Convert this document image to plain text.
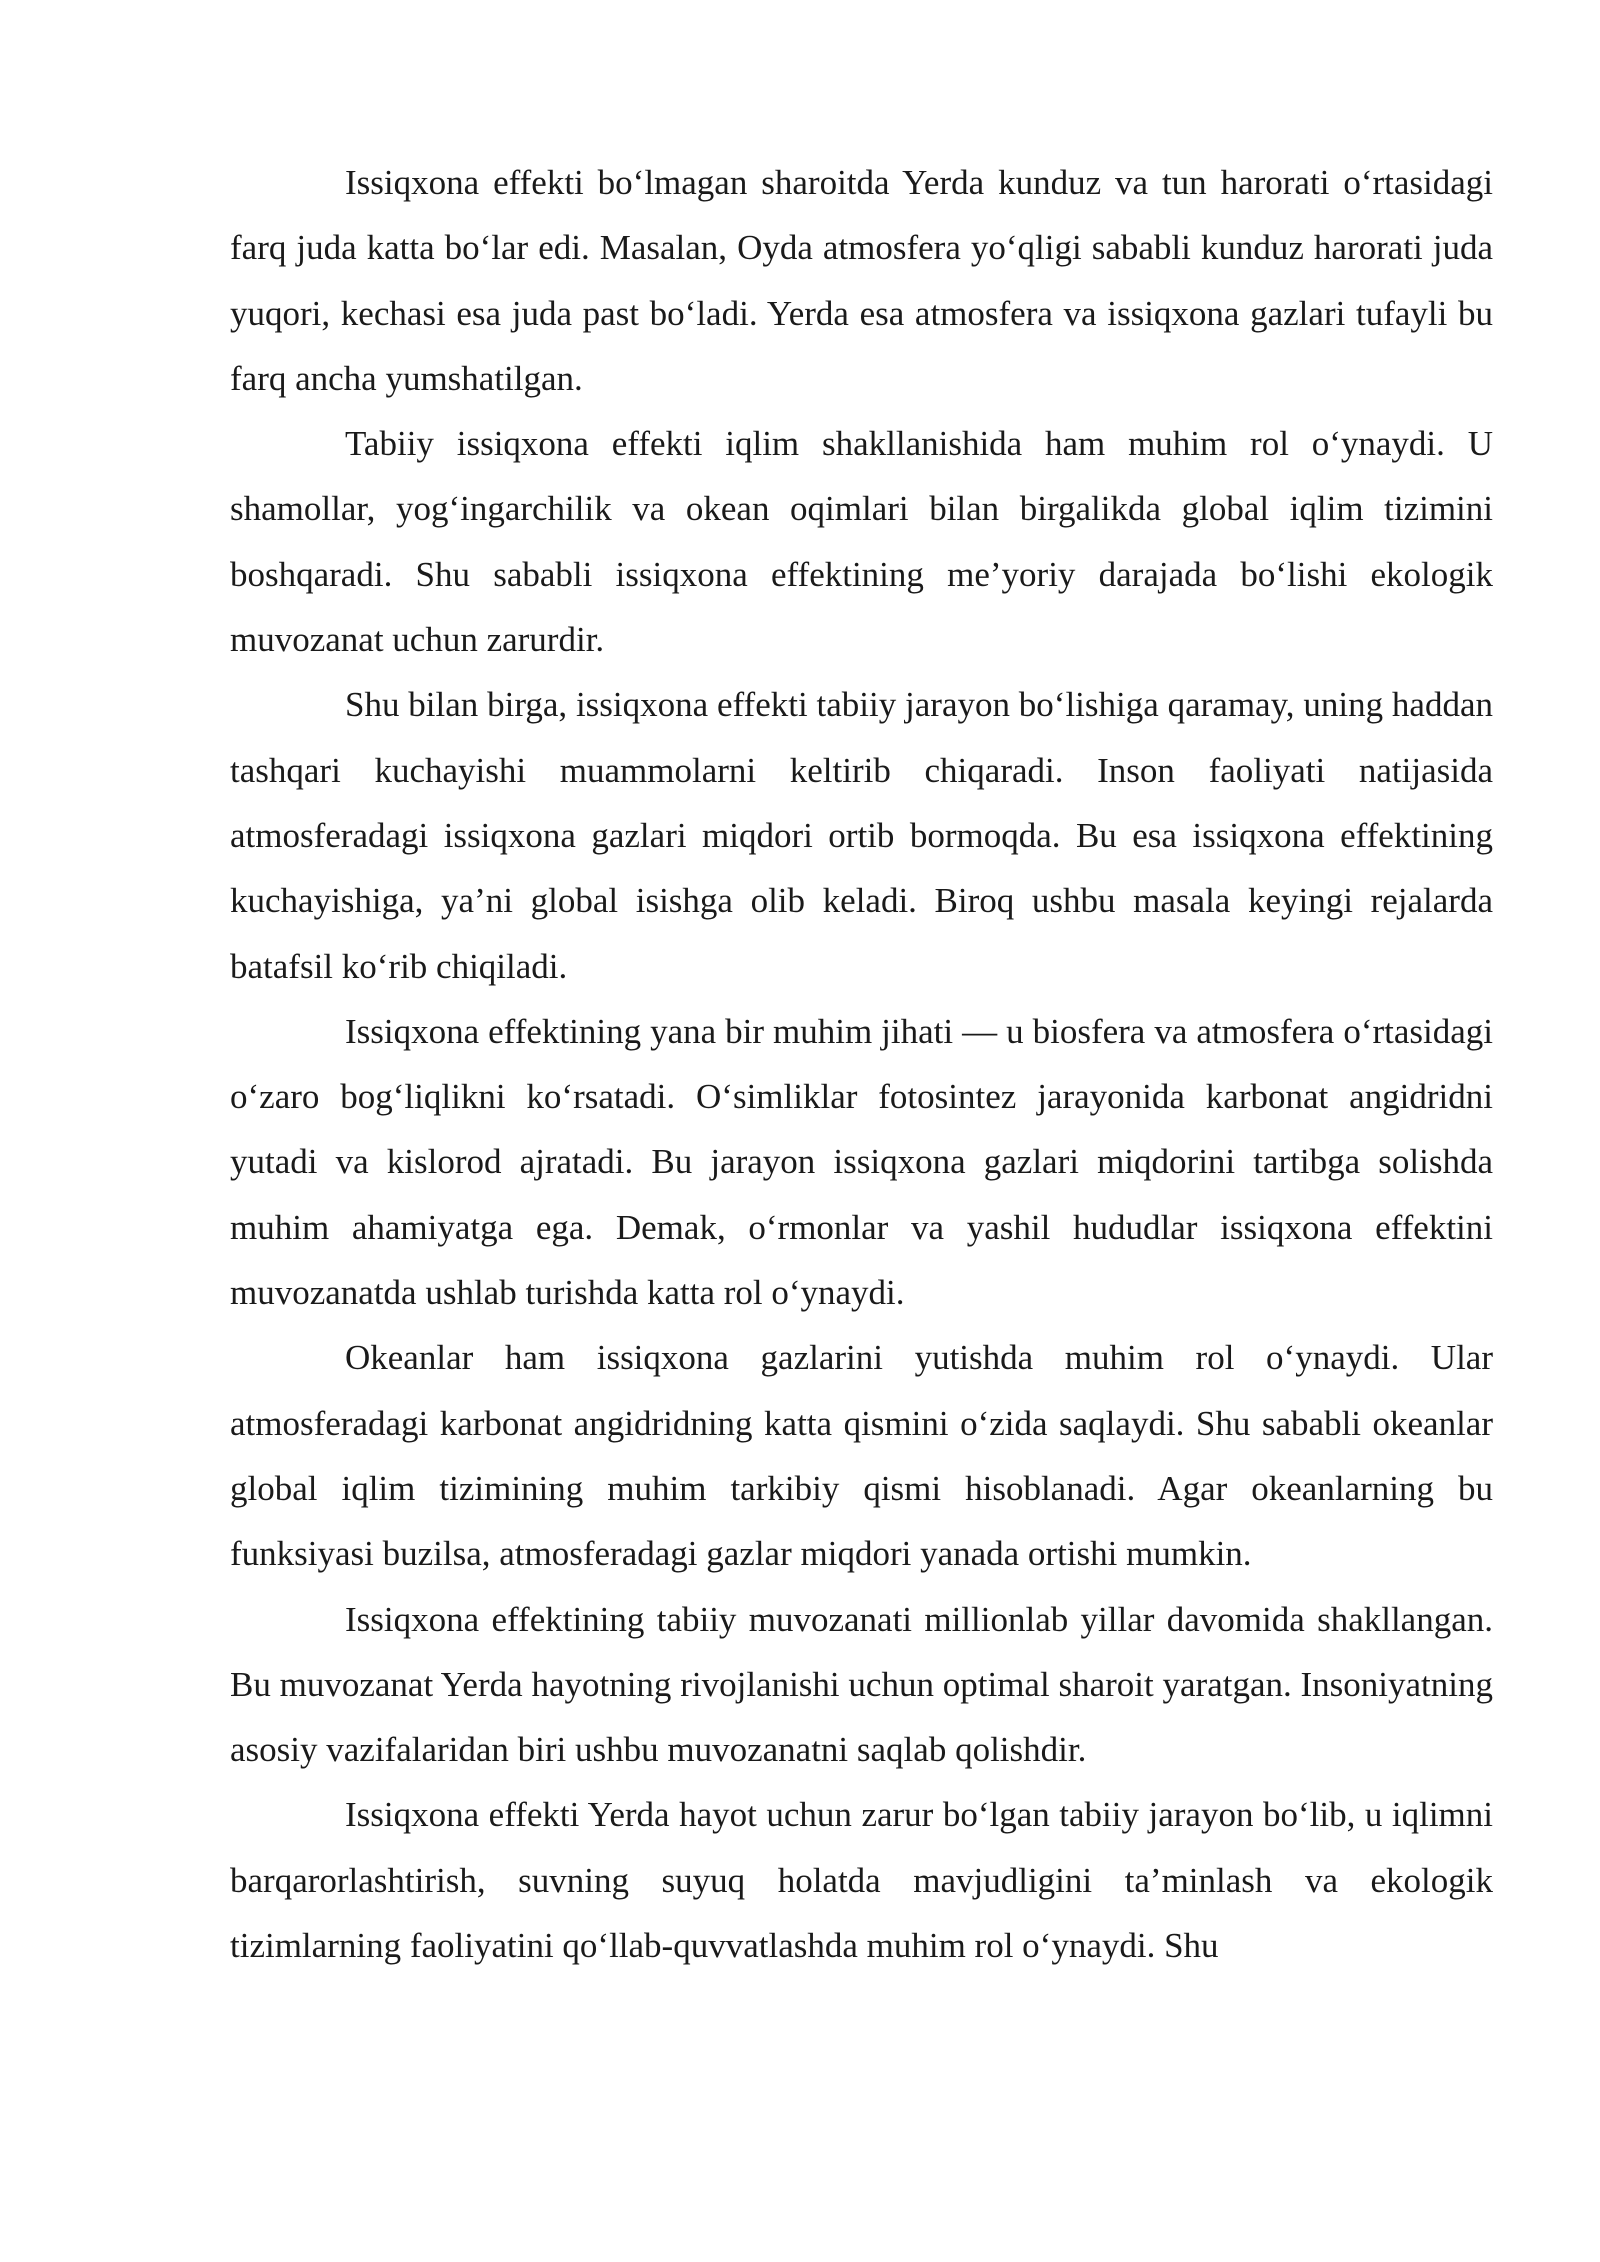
Issiqxona effekti bo‘lmagan sharoitda Yerda kunduz va tun harorati o‘rtasidagi farq juda katta bo‘lar edi. Masalan, Oyda atmosfera yo‘qligi sababli kunduz harorati juda yuqori, kechasi esa juda past bo‘ladi. Yerda esa atmosfera va issiqxona gazlari tufayli bu farq ancha yumshatilgan.

Tabiiy issiqxona effekti iqlim shakllanishida ham muhim rol o‘ynaydi. U shamollar, yog‘ingarchilik va okean oqimlari bilan birgalikda global iqlim tizimini boshqaradi. Shu sababli issiqxona effektining me’yoriy darajada bo‘lishi ekologik muvozanat uchun zarurdir.

Shu bilan birga, issiqxona effekti tabiiy jarayon bo‘lishiga qaramay, uning haddan tashqari kuchayishi muammolarni keltirib chiqaradi. Inson faoliyati natijasida atmosferadagi issiqxona gazlari miqdori ortib bormoqda. Bu esa issiqxona effektining kuchayishiga, ya’ni global isishga olib keladi. Biroq ushbu masala keyingi rejalarda batafsil ko‘rib chiqiladi.

Issiqxona effektining yana bir muhim jihati — u biosfera va atmosfera o‘rtasidagi o‘zaro bog‘liqlikni ko‘rsatadi. O‘simliklar fotosintez jarayonida karbonat angidridni yutadi va kislorod ajratadi. Bu jarayon issiqxona gazlari miqdorini tartibga solishda muhim ahamiyatga ega. Demak, o‘rmonlar va yashil hududlar issiqxona effektini muvozanatda ushlab turishda katta rol o‘ynaydi.

Okeanlar ham issiqxona gazlarini yutishda muhim rol o‘ynaydi. Ular atmosferadagi karbonat angidridning katta qismini o‘zida saqlaydi. Shu sababli okeanlar global iqlim tizimining muhim tarkibiy qismi hisoblanadi. Agar okeanlarning bu funksiyasi buzilsa, atmosferadagi gazlar miqdori yanada ortishi mumkin.

Issiqxona effektining tabiiy muvozanati millionlab yillar davomida shakllangan. Bu muvozanat Yerda hayotning rivojlanishi uchun optimal sharoit yaratgan. Insoniyatning asosiy vazifalaridan biri ushbu muvozanatni saqlab qolishdir.

Issiqxona effekti Yerda hayot uchun zarur bo‘lgan tabiiy jarayon bo‘lib, u iqlimni barqarorlashtirish, suvning suyuq holatda mavjudligini ta’minlash va ekologik tizimlarning faoliyatini qo‘llab-quvvatlashda muhim rol o‘ynaydi. Shu
